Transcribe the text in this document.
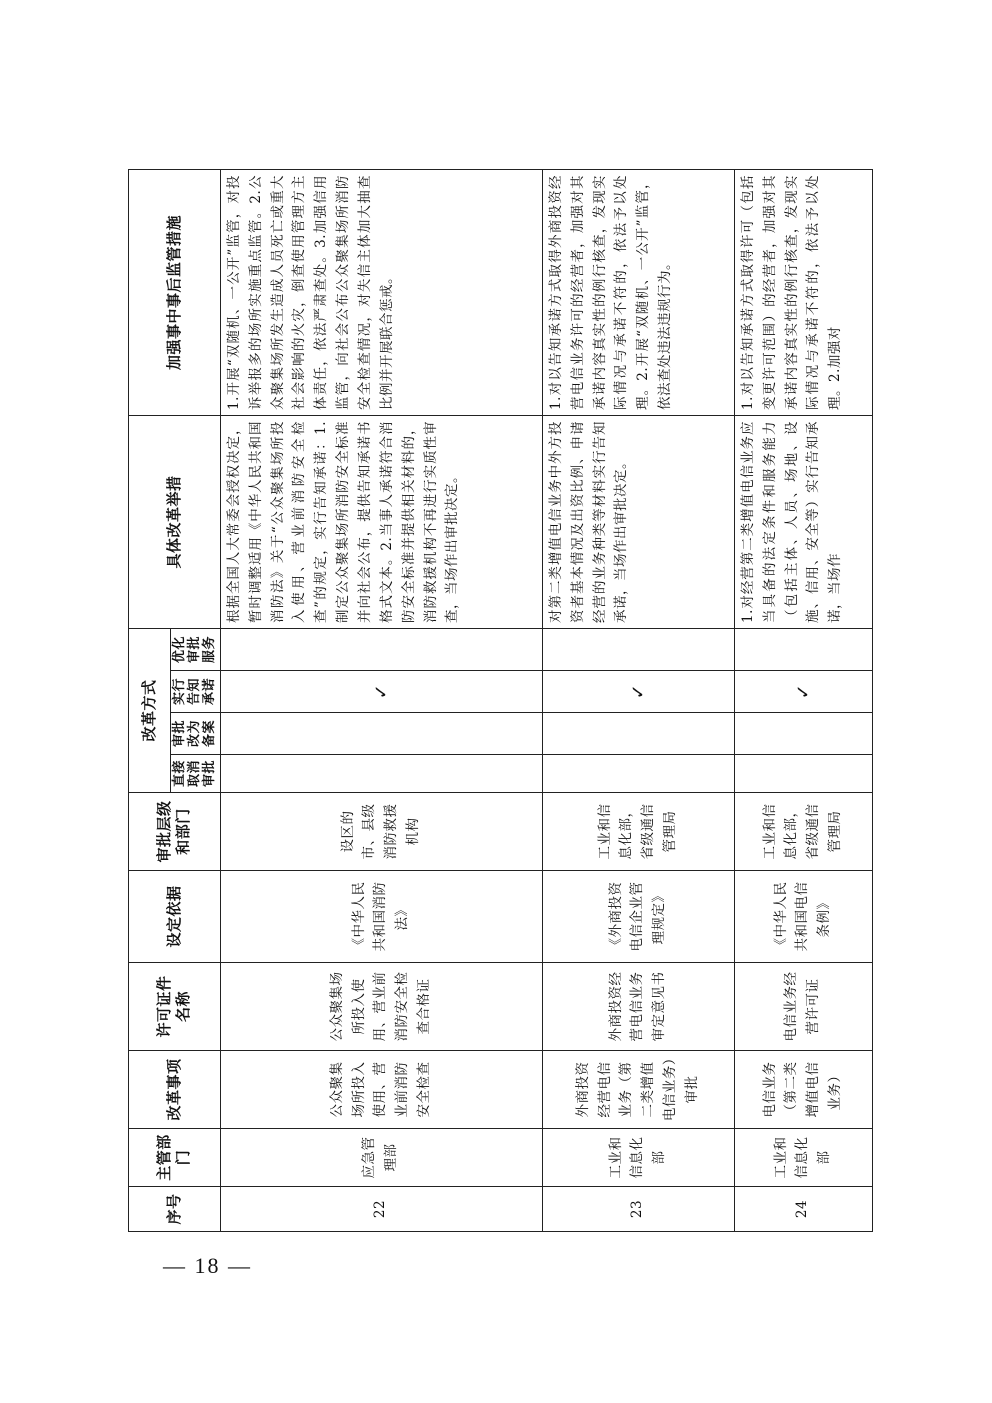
序号	主管部门	改革事项	许可证件名称	设定依据	审批层级和部门	改革方式				具体改革举措	加强事中事后监管措施
						直接取消审批	审批改为备案	实行告知承诺	优化审批服务		
22	应急管理部	公众聚集场所投入使用、营业前消防安全检查	公众聚集场所投入使用、营业前消防安全检查合格证	《中华人民共和国消防法》	设区的市、县级消防救援机构			✓		根据全国人大常委会授权决定，暂时调整适用《中华人民共和国消防法》关于“公众聚集场所投入使用、营业前消防安全检查”的规定，实行告知承诺：1.制定公众聚集场所消防安全标准并向社会公布，提供告知承诺书格式文本。2.当事人承诺符合消防安全标准并提供相关材料的，消防救援机构不再进行实质性审查，当场作出审批决定。	1.开展“双随机、一公开”监管，对投诉举报多的场所实施重点监管。2.公众聚集场所发生造成人员死亡或重大社会影响的火灾，倒查使用管理方主体责任，依法严肃查处。3.加强信用监管，向社会公布公众聚集场所消防安全检查情况，对失信主体加大抽查比例并开展联合惩戒。
23	工业和信息化部	外商投资经营电信业务（第二类增值电信业务）审批	外商投资经营电信业务审定意见书	《外商投资电信企业管理规定》	工业和信息化部，省级通信管理局			✓		对第二类增值电信业务中外方投资者基本情况及出资比例、申请经营的业务种类等材料实行告知承诺，当场作出审批决定。	1.对以告知承诺方式取得外商投资经营电信业务许可的经营者，加强对其承诺内容真实性的例行核查，发现实际情况与承诺不符的，依法予以处理。2.开展“双随机、一公开”监管，依法查处违法违规行为。
24	工业和信息化部	电信业务（第二类增值电信业务）	电信业务经营许可证	《中华人民共和国电信条例》	工业和信息化部，省级通信管理局			✓		1.对经营第二类增值电信业务应当具备的法定条件和服务能力（包括主体、人员、场地、设施、信用、安全等）实行告知承诺，当场作	1.对以告知承诺方式取得许可（包括变更许可范围）的经营者，加强对其承诺内容真实性的例行核查，发现实际情况与承诺不符的，依法予以处理。2.加强对
— 18 —
